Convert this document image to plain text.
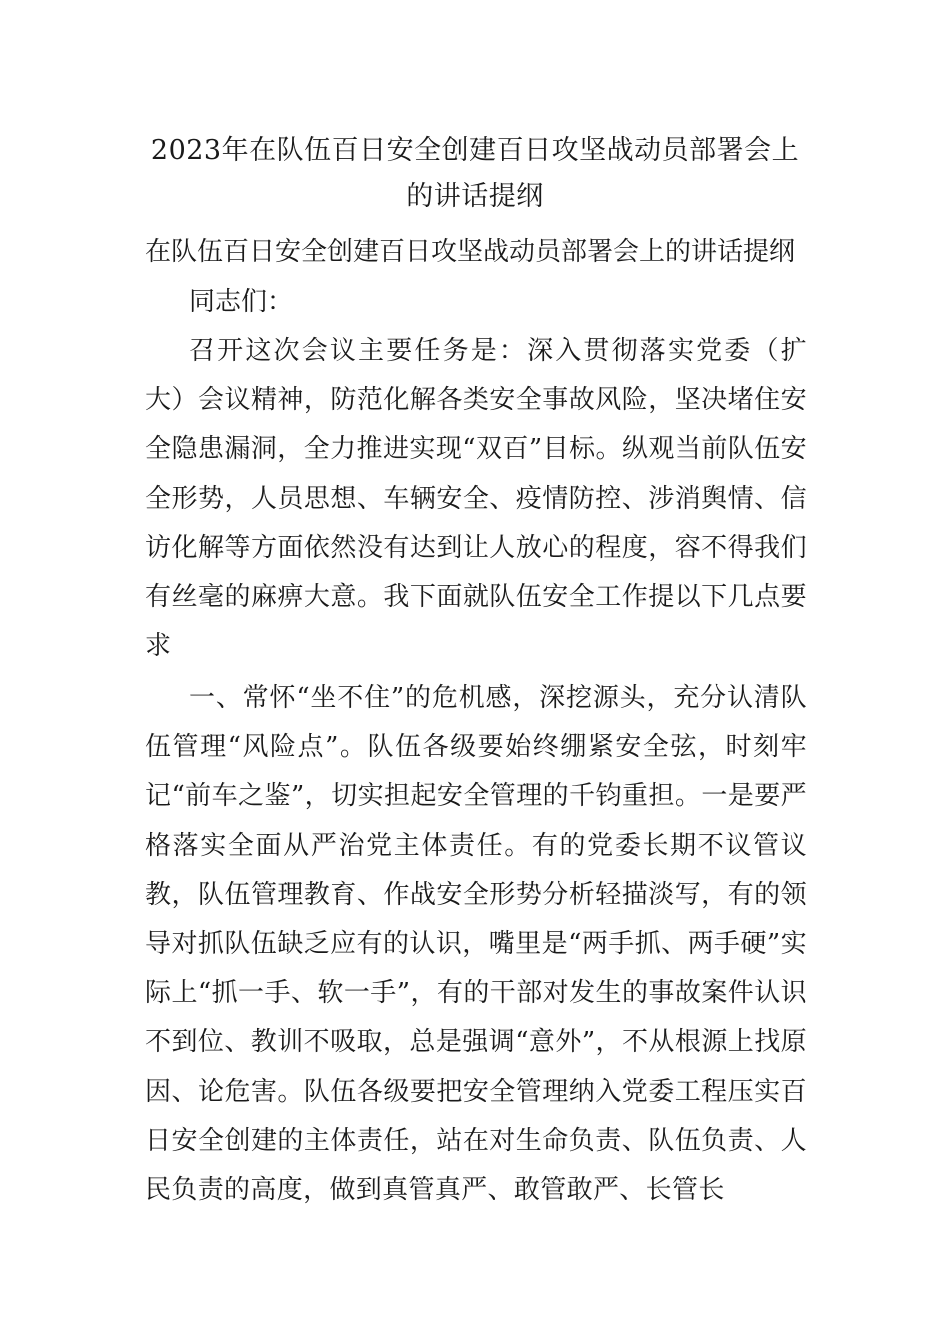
2023年在队伍百日安全创建百日攻坚战动员部署会上的讲话提纲
在队伍百日安全创建百日攻坚战动员部署会上的讲话提纲
同志们：
召开这次会议主要任务是：深入贯彻落实党委（扩大）会议精神，防范化解各类安全事故风险，坚决堵住安全隐患漏洞，全力推进实现“双百”目标。纵观当前队伍安全形势，人员思想、车辆安全、疫情防控、涉消舆情、信访化解等方面依然没有达到让人放心的程度，容不得我们有丝毫的麻痹大意。我下面就队伍安全工作提以下几点要求
一、常怀“坐不住”的危机感，深挖源头，充分认清队伍管理“风险点”。队伍各级要始终绷紧安全弦，时刻牢记“前车之鉴”，切实担起安全管理的千钧重担。一是要严格落实全面从严治党主体责任。有的党委长期不议管议教，队伍管理教育、作战安全形势分析轻描淡写，有的领导对抓队伍缺乏应有的认识，嘴里是“两手抓、两手硬”实际上“抓一手、软一手”，有的干部对发生的事故案件认识不到位、教训不吸取，总是强调“意外”，不从根源上找原因、论危害。队伍各级要把安全管理纳入党委工程压实百日安全创建的主体责任，站在对生命负责、队伍负责、人民负责的高度，做到真管真严、敢管敢严、长管长
